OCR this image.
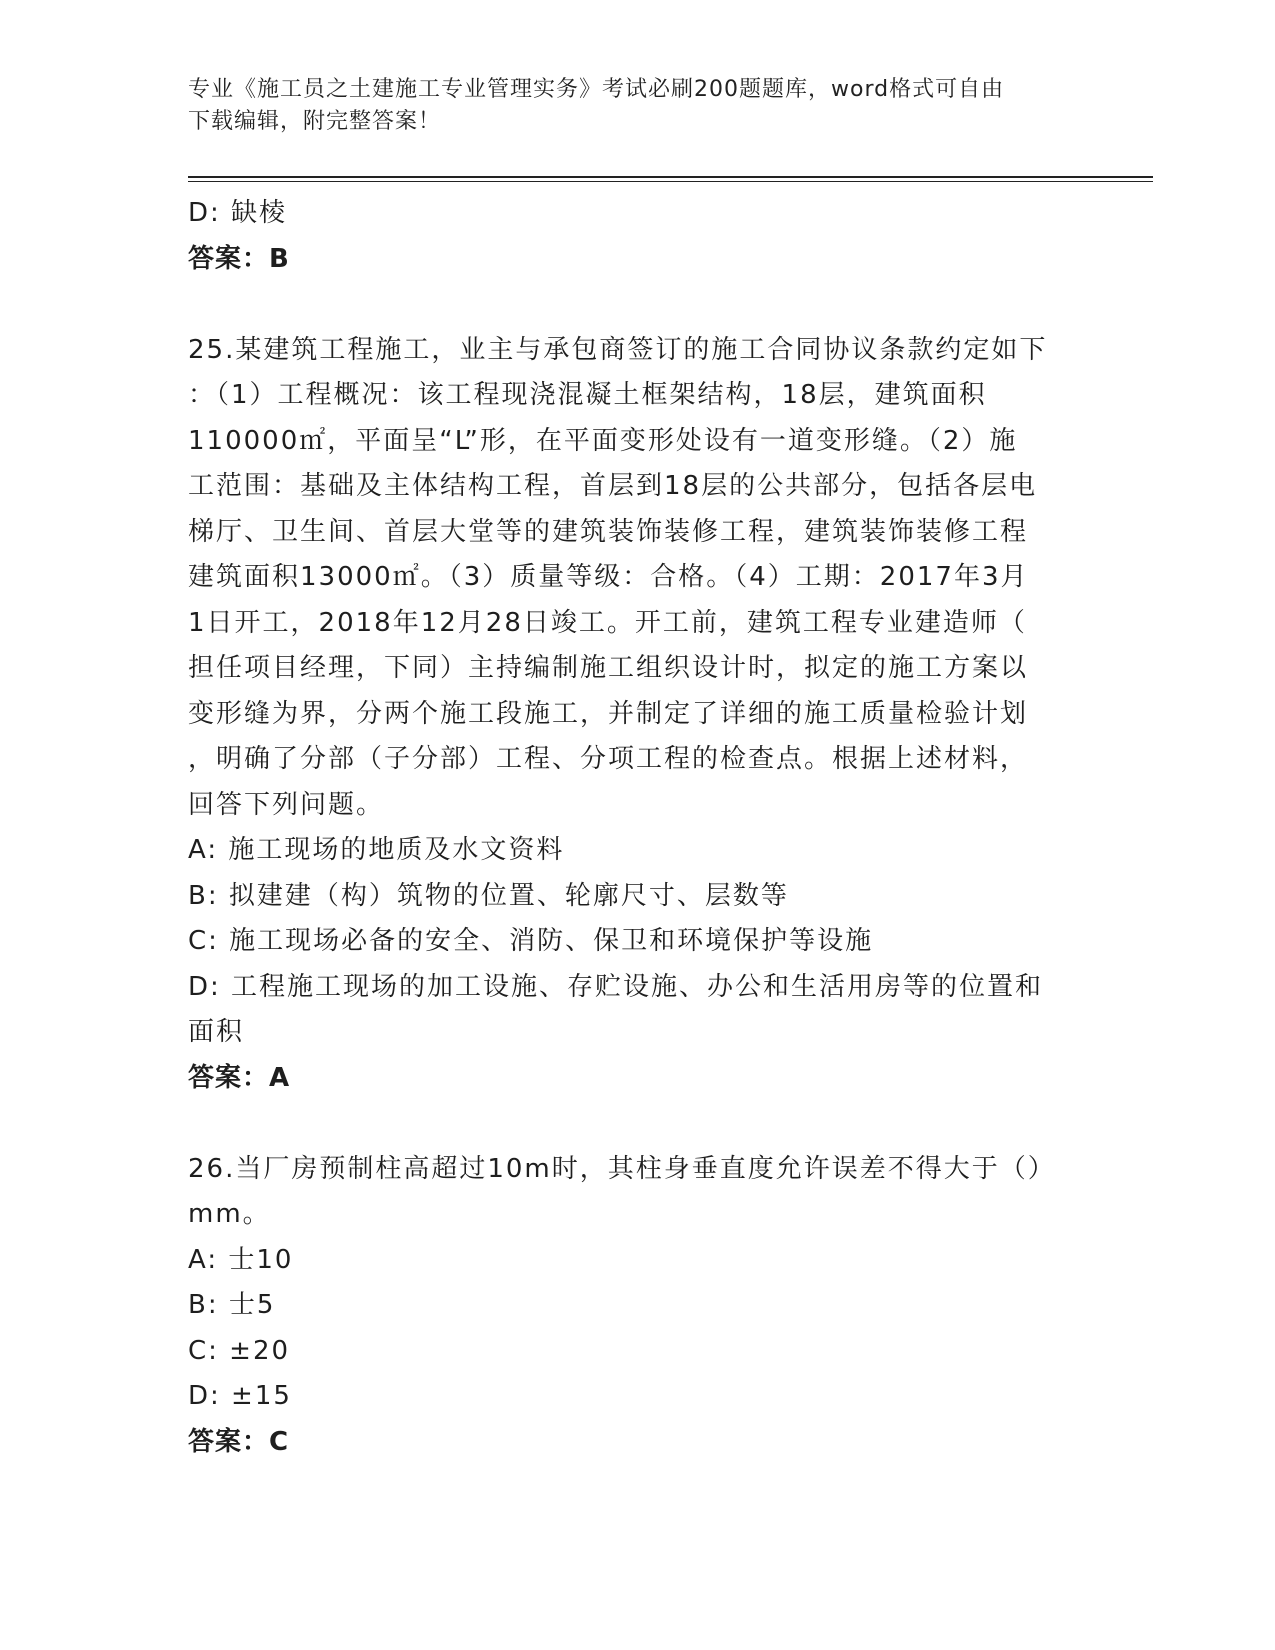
专业《施工员之土建施工专业管理实务》考试必刷200题题库，word格式可自由
下载编辑，附完整答案！
D: 缺棱
答案：B
25.某建筑工程施工，业主与承包商签订的施工合同协议条款约定如下
：（1）工程概况：该工程现浇混凝土框架结构，18层，建筑面积
110000㎡，平面呈“L”形，在平面变形处设有一道变形缝。（2）施
工范围：基础及主体结构工程，首层到18层的公共部分，包括各层电
梯厅、卫生间、首层大堂等的建筑装饰装修工程，建筑装饰装修工程
建筑面积13000㎡。（3）质量等级：合格。（4）工期：2017年3月
1日开工，2018年12月28日竣工。开工前，建筑工程专业建造师（
担任项目经理，下同）主持编制施工组织设计时，拟定的施工方案以
变形缝为界，分两个施工段施工，并制定了详细的施工质量检验计划
，明确了分部（子分部）工程、分项工程的检查点。根据上述材料，
回答下列问题。
A: 施工现场的地质及水文资料
B: 拟建建（构）筑物的位置、轮廓尺寸、层数等
C: 施工现场必备的安全、消防、保卫和环境保护等设施
D: 工程施工现场的加工设施、存贮设施、办公和生活用房等的位置和
面积
答案：A
26.当厂房预制柱高超过10m时，其柱身垂直度允许误差不得大于（）
mm。
A: 士10
B: 士5
C: ±20
D: ±15
答案：C
